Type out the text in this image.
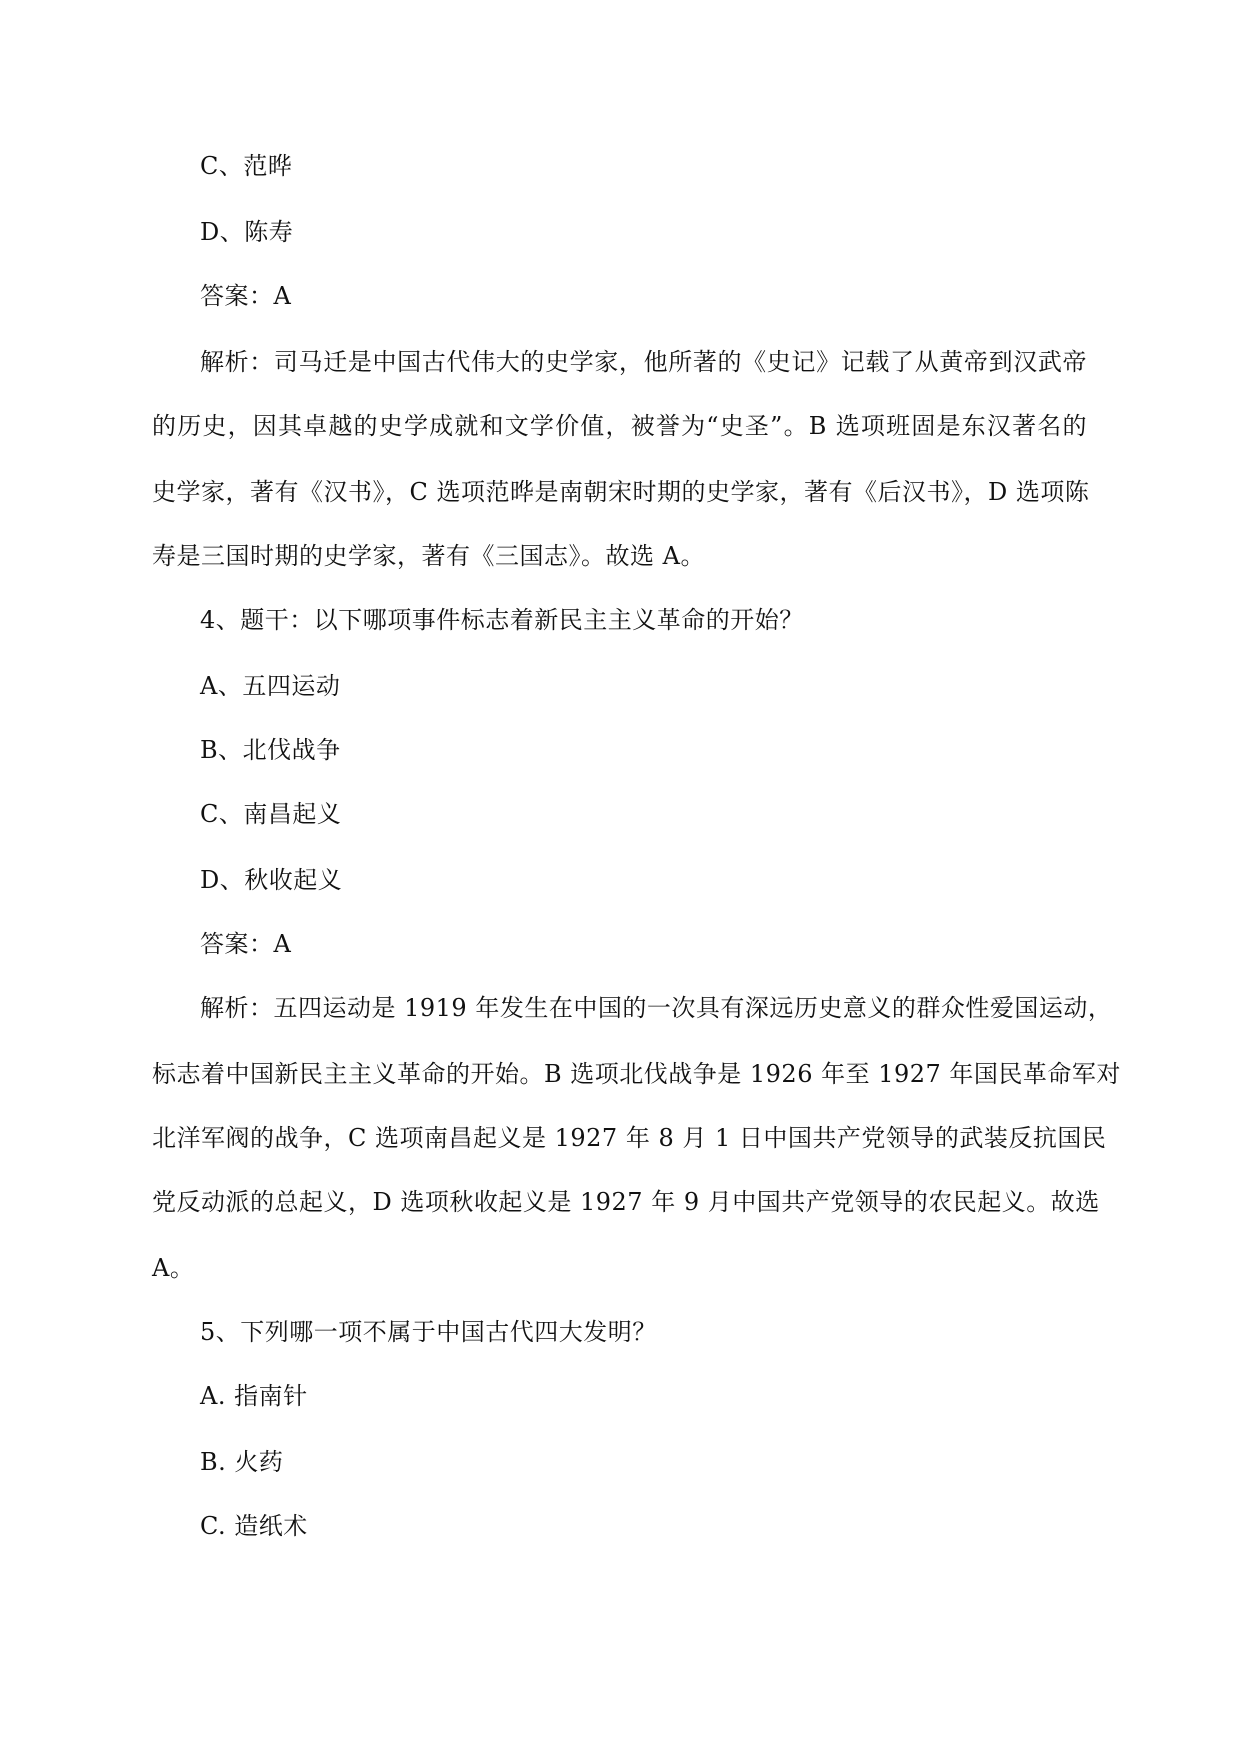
C、范晔
D、陈寿
答案：A
解析：司马迁是中国古代伟大的史学家，他所著的《史记》记载了从黄帝到汉武帝
的历史，因其卓越的史学成就和文学价值，被誉为“史圣”。B 选项班固是东汉著名的
史学家，著有《汉书》，C 选项范晔是南朝宋时期的史学家，著有《后汉书》，D 选项陈
寿是三国时期的史学家，著有《三国志》。故选 A。
4、题干：以下哪项事件标志着新民主主义革命的开始？
A、五四运动
B、北伐战争
C、南昌起义
D、秋收起义
答案：A
解析：五四运动是 1919 年发生在中国的一次具有深远历史意义的群众性爱国运动，
标志着中国新民主主义革命的开始。B 选项北伐战争是 1926 年至 1927 年国民革命军对
北洋军阀的战争，C 选项南昌起义是 1927 年 8 月 1 日中国共产党领导的武装反抗国民
党反动派的总起义，D 选项秋收起义是 1927 年 9 月中国共产党领导的农民起义。故选
A。
5、下列哪一项不属于中国古代四大发明？
A. 指南针
B. 火药
C. 造纸术
